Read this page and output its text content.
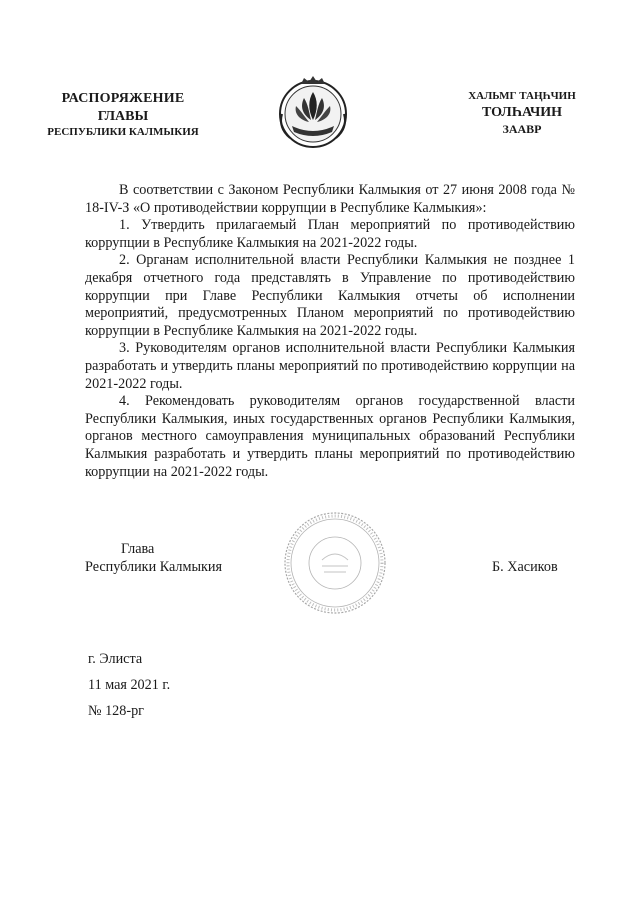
РАСПОРЯЖЕНИЕ
ГЛАВЫ
РЕСПУБЛИКИ КАЛМЫКИЯ
ХАЛЬМГ ТАҢҺЧИН
ТОЛҺАЧИН
ЗААВР

В соответствии с Законом Республики Калмыкия от 27 июня 2008 года № 18-IV-З «О противодействии коррупции в Республике Калмыкия»:

1. Утвердить прилагаемый План мероприятий по противодействию коррупции в Республике Калмыкия на 2021-2022 годы.

2. Органам исполнительной власти Республики Калмыкия не позднее 1 декабря отчетного года представлять в Управление по противодействию коррупции при Главе Республики Калмыкия отчеты об исполнении мероприятий, предусмотренных Планом мероприятий по противодействию коррупции в Республике Калмыкия на 2021-2022 годы.

3. Руководителям органов исполнительной власти Республики Калмыкия разработать и утвердить планы мероприятий по противодействию коррупции на 2021-2022 годы.

4. Рекомендовать руководителям органов государственной власти Республики Калмыкия, иных государственных органов Республики Калмыкия, органов местного самоуправления муниципальных образований Республики Калмыкия разработать и утвердить планы мероприятий по противодействию коррупции на 2021-2022 годы.

Глава
Республики Калмыкия	Б. Хасиков
г. Элиста
11 мая 2021 г.
№ 128-рг
